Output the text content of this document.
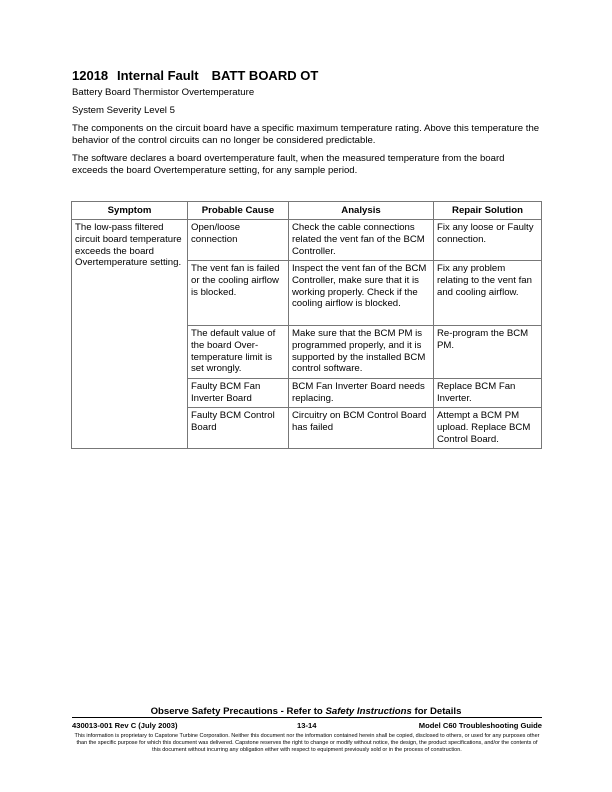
12018 Internal Fault BATT BOARD OT
Battery Board Thermistor Overtemperature
System Severity Level 5
The components on the circuit board have a specific maximum temperature rating. Above this temperature the behavior of the control circuits can no longer be considered predictable.
The software declares a board overtemperature fault, when the measured temperature from the board exceeds the board Overtemperature setting, for any sample period.
Symptom	Probable Cause	Analysis	Repair Solution
The low-pass filtered circuit board temperature exceeds the board Overtemperature setting.	Open/loose connection	Check the cable connections related the vent fan of the BCM Controller.	Fix any loose or Faulty connection.
	The vent fan is failed or the cooling airflow is blocked.	Inspect the vent fan of the BCM Controller, make sure that it is working properly. Check if the cooling airflow is blocked.	Fix any problem relating to the vent fan and cooling airflow.
	The default value of the board Over-temperature limit is set wrongly.	Make sure that the BCM PM is programmed properly, and it is supported by the installed BCM control software.	Re-program the BCM PM.
	Faulty BCM Fan Inverter Board	BCM Fan Inverter Board needs replacing.	Replace BCM Fan Inverter.
	Faulty BCM Control Board	Circuitry on BCM Control Board has failed	Attempt a BCM PM upload. Replace BCM Control Board.
Observe Safety Precautions - Refer to Safety Instructions for Details
430013-001 Rev C (July 2003)	13-14	Model C60 Troubleshooting Guide
This information is proprietary to Capstone Turbine Corporation. Neither this document nor the information contained herein shall be copied, disclosed to others, or used for any purposes other than the specific purpose for which this document was delivered. Capstone reserves the right to change or modify without notice, the design, the product specifications, and/or the contents of this document without incurring any obligation either with respect to equipment previously sold or in the process of construction.
